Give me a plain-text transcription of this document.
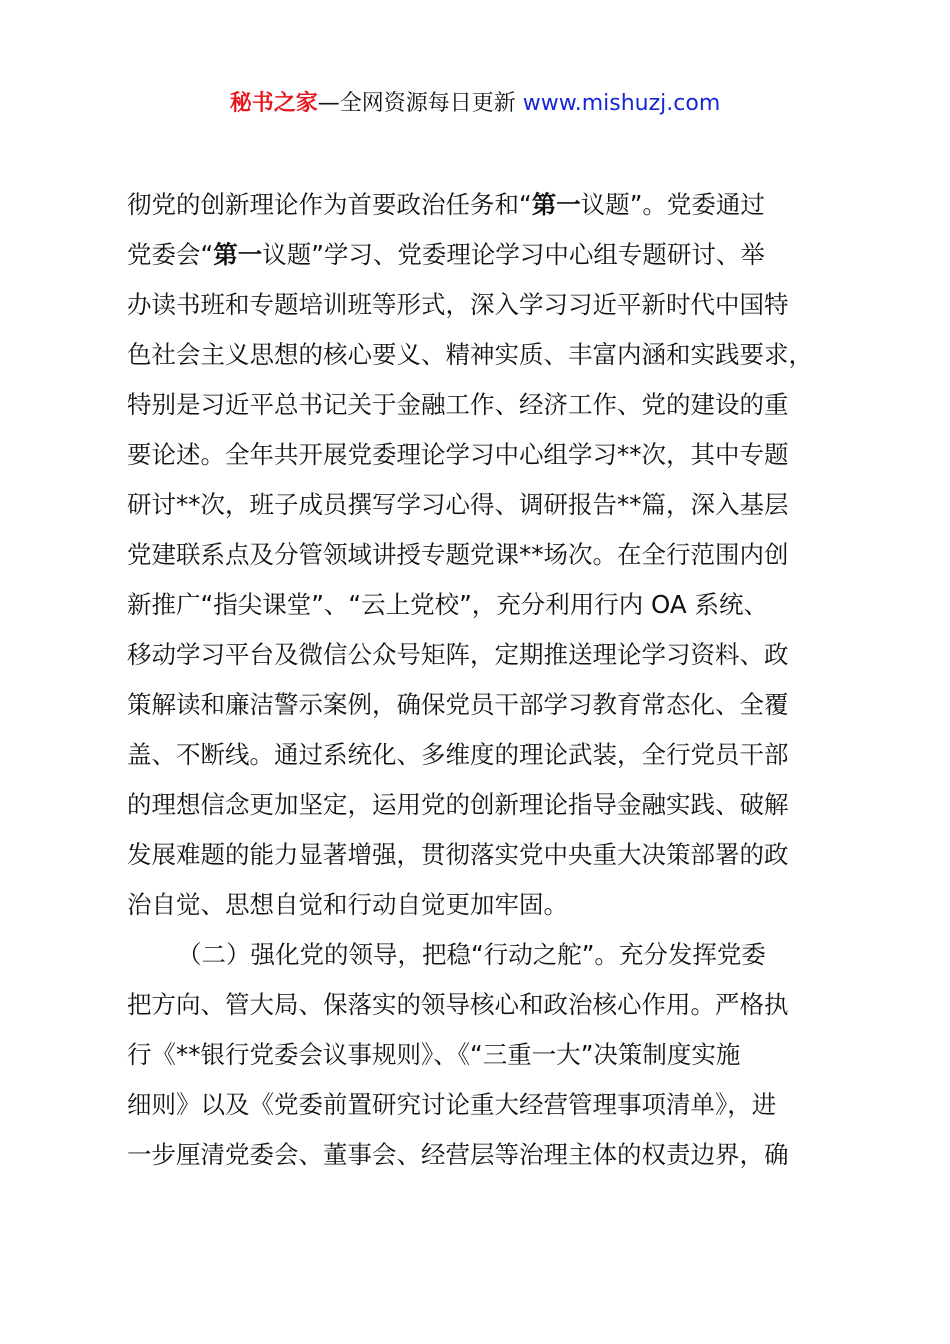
秘书之家—全网资源每日更新 www.mishuzj.com
彻党的创新理论作为首要政治任务和“第一议题”。党委通过
党委会“第一议题”学习、党委理论学习中心组专题研讨、举
办读书班和专题培训班等形式，深入学习习近平新时代中国特
色社会主义思想的核心要义、精神实质、丰富内涵和实践要求，
特别是习近平总书记关于金融工作、经济工作、党的建设的重
要论述。全年共开展党委理论学习中心组学习**次，其中专题
研讨**次，班子成员撰写学习心得、调研报告**篇，深入基层
党建联系点及分管领域讲授专题党课**场次。在全行范围内创
新推广“指尖课堂”、“云上党校”，充分利用行内 OA 系统、
移动学习平台及微信公众号矩阵，定期推送理论学习资料、政
策解读和廉洁警示案例，确保党员干部学习教育常态化、全覆
盖、不断线。通过系统化、多维度的理论武装，全行党员干部
的理想信念更加坚定，运用党的创新理论指导金融实践、破解
发展难题的能力显著增强，贯彻落实党中央重大决策部署的政
治自觉、思想自觉和行动自觉更加牢固。
（二）强化党的领导，把稳“行动之舵”。充分发挥党委
把方向、管大局、保落实的领导核心和政治核心作用。严格执
行《**银行党委会议事规则》、《“三重一大”决策制度实施
细则》以及《党委前置研究讨论重大经营管理事项清单》，进
一步厘清党委会、董事会、经营层等治理主体的权责边界，确
